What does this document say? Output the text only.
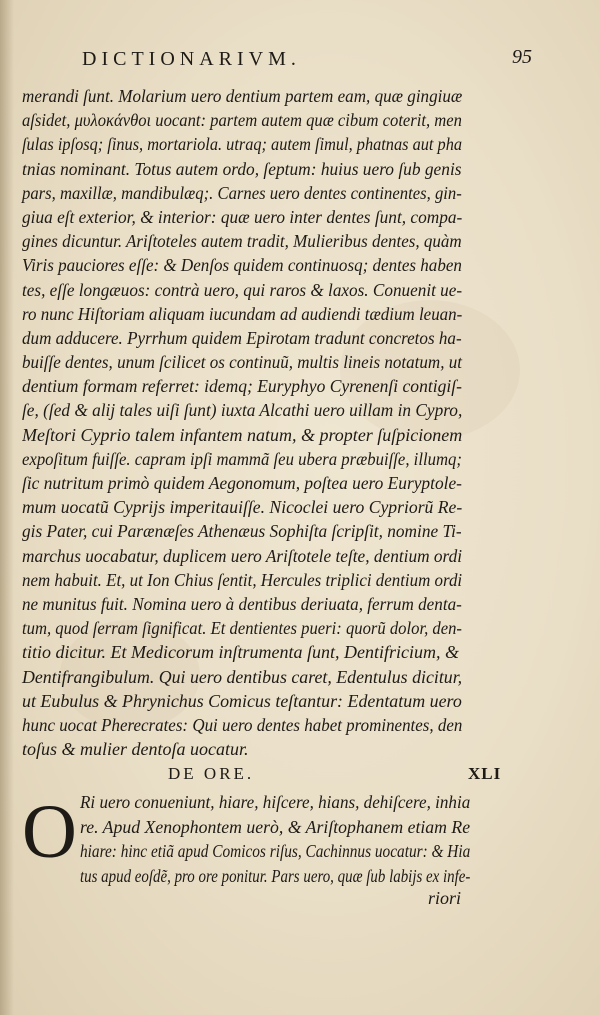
DICTIONARIVM.	95
merandi ſunt. Molarium uero dentium partem eam, quæ gingiuæ
aſsidet, μυλοκάνθοι uocant: partem autem quæ cibum coterit, men
ſulas ipſosq; ſinus, mortariola. utraq; autem ſimul, phatnas aut pha
tnias nominant. Totus autem ordo, ſeptum: huius uero ſub genis
pars, maxillæ, mandibulæq;. Carnes uero dentes continentes, gin-
giua eſt exterior, & interior: quæ uero inter dentes ſunt, compa-
gines dicuntur. Ariſtoteles autem tradit, Mulieribus dentes, quàm
Viris pauciores eſſe: & Denſos quidem continuosq; dentes haben
tes, eſſe longæuos: contrà uero, qui raros & laxos. Conuenit ue-
ro nunc Hiſtoriam aliquam iucundam ad audiendi tædium leuan-
dum adducere. Pyrrhum quidem Epirotam tradunt concretos ha-
buiſſe dentes, unum ſcilicet os continuũ, multis lineis notatum, ut
dentium formam referret: idemq; Euryphyo Cyrenenſi contigiſ-
ſe, (ſed & alij tales uiſi ſunt) iuxta Alcathi uero uillam in Cypro,
Meſtori Cyprio talem infantem natum, & propter ſuſpicionem
expoſitum fuiſſe. capram ipſi mammã ſeu ubera præbuiſſe, illumq;
ſic nutritum primò quidem Aegonomum, poſtea uero Euryptole-
mum uocatũ Cyprijs imperitauiſſe. Nicoclei uero Cypriorũ Re-
gis Pater, cui Parænæſes Athenæus Sophiſta ſcripſit, nomine Ti-
marchus uocabatur, duplicem uero Ariſtotele teſte, dentium ordi
nem habuit. Et, ut Ion Chius ſentit, Hercules triplici dentium ordi
ne munitus fuit. Nomina uero à dentibus deriuata, ferrum denta-
tum, quod ſerram ſignificat. Et dentientes pueri: quorũ dolor, den-
titio dicitur. Et Medicorum inſtrumenta ſunt, Dentifricium, &
Dentifrangibulum. Qui uero dentibus caret, Edentulus dicitur,
ut Eubulus & Phrynichus Comicus teſtantur: Edentatum uero
hunc uocat Pherecrates: Qui uero dentes habet prominentes, den
toſus & mulier dentoſa uocatur.
DE ORE.	XLI
O Ri uero conueniunt, hiare, hiſcere, hians, dehiſcere, inhia
re. Apud Xenophontem uerò, & Ariſtophanem etiam Re
hiare: hinc etiã apud Comicos riſus, Cachinnus uocatur: & Hia
tus apud eoſdẽ, pro ore ponitur. Pars uero, quæ ſub labijs ex infe-
riori
